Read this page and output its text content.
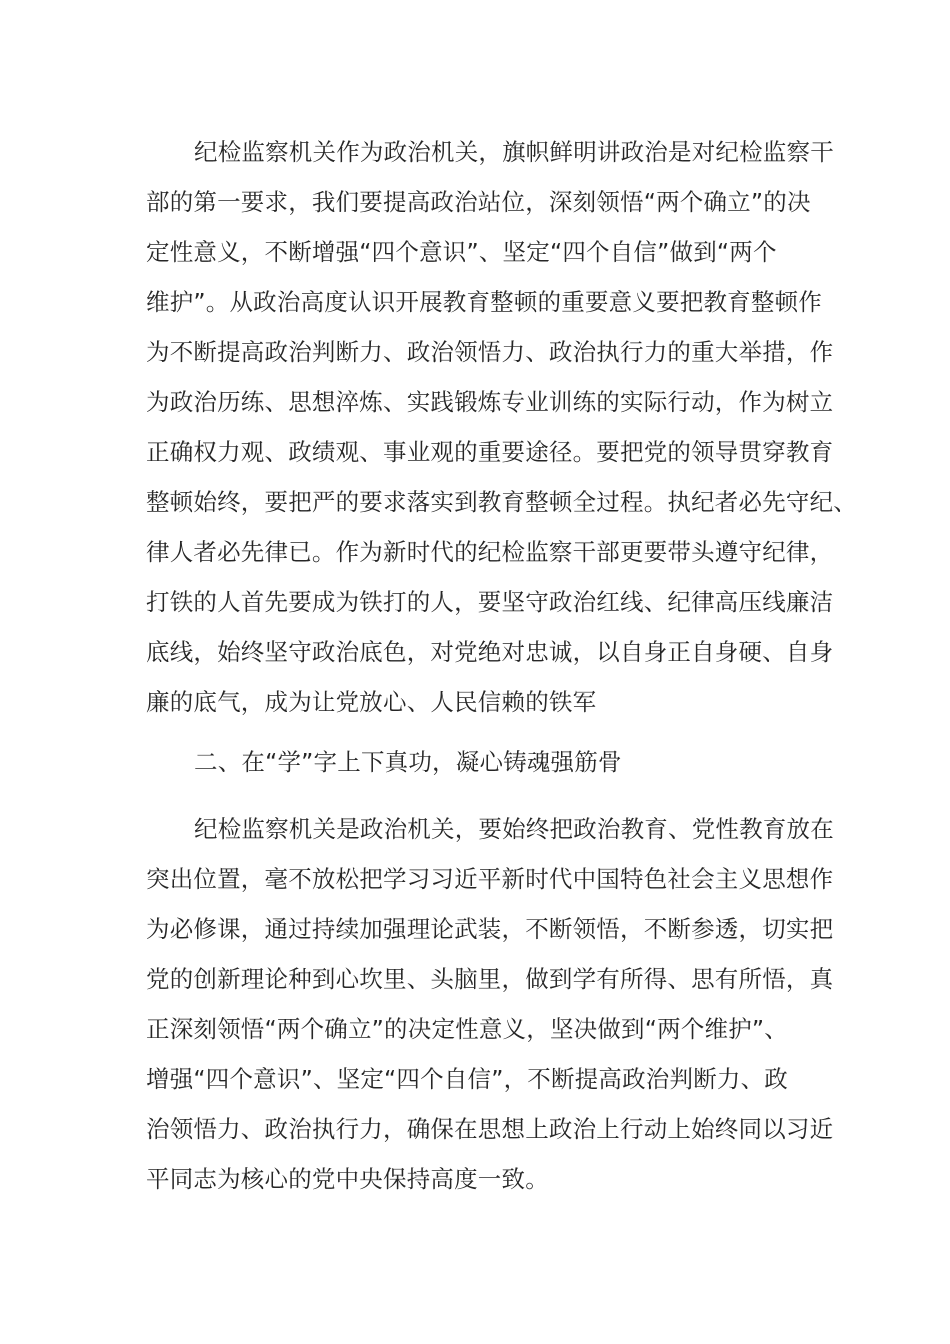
纪检监察机关作为政治机关，旗帜鲜明讲政治是对纪检监察干
部的第一要求，我们要提高政治站位，深刻领悟“两个确立”的决
定性意义，不断增强“四个意识”、坚定“四个自信”做到“两个
维护”。从政治高度认识开展教育整顿的重要意义要把教育整顿作
为不断提高政治判断力、政治领悟力、政治执行力的重大举措，作
为政治历练、思想淬炼、实践锻炼专业训练的实际行动，作为树立
正确权力观、政绩观、事业观的重要途径。要把党的领导贯穿教育
整顿始终，要把严的要求落实到教育整顿全过程。执纪者必先守纪、
律人者必先律已。作为新时代的纪检监察干部更要带头遵守纪律，
打铁的人首先要成为铁打的人，要坚守政治红线、纪律高压线廉洁
底线，始终坚守政治底色，对党绝对忠诚，以自身正自身硬、自身
廉的底气，成为让党放心、人民信赖的铁军
二、在“学”字上下真功，凝心铸魂强筋骨
纪检监察机关是政治机关，要始终把政治教育、党性教育放在
突出位置，毫不放松把学习习近平新时代中国特色社会主义思想作
为必修课，通过持续加强理论武装，不断领悟，不断参透，切实把
党的创新理论种到心坎里、头脑里，做到学有所得、思有所悟，真
正深刻领悟“两个确立”的决定性意义，坚决做到“两个维护”、
增强“四个意识”、坚定“四个自信”，不断提高政治判断力、政
治领悟力、政治执行力，确保在思想上政治上行动上始终同以习近
平同志为核心的党中央保持高度一致。
